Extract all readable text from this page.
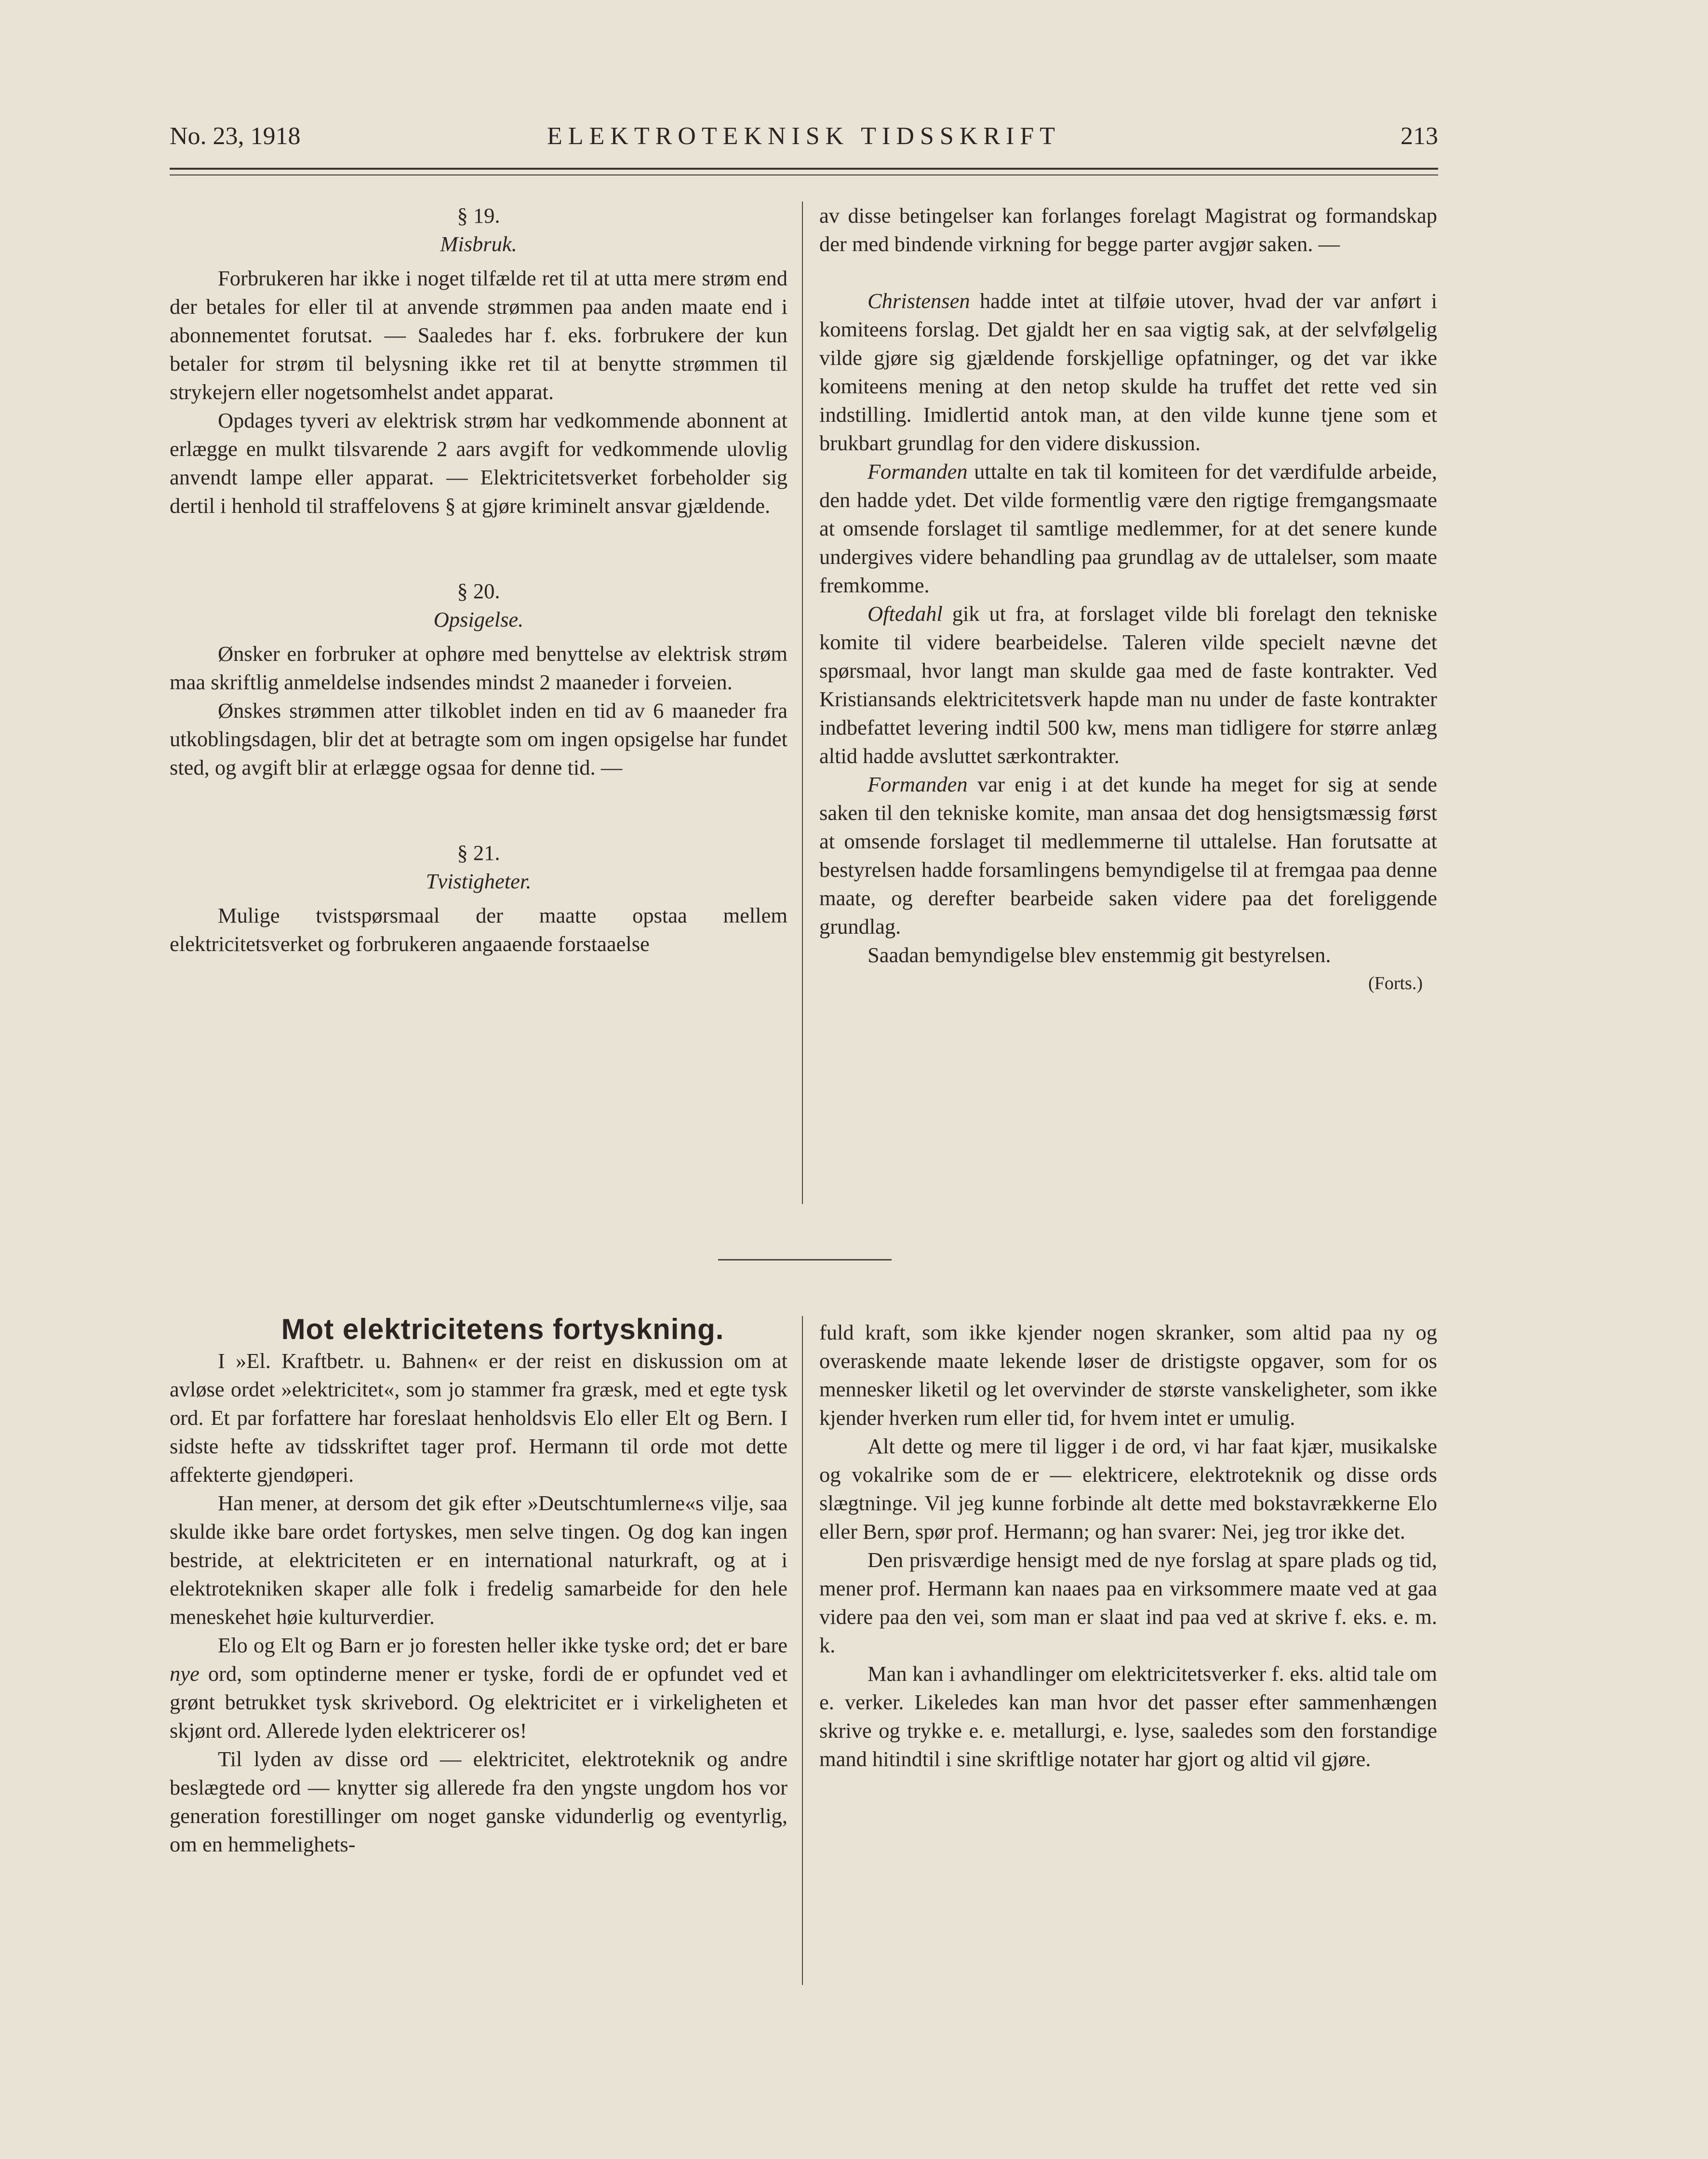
No. 23, 1918	ELEKTROTEKNISK TIDSSKRIFT	213

§ 19.

Misbruk.

Forbrukeren har ikke i noget tilfælde ret til at utta mere strøm end der betales for eller til at anvende strømmen paa anden maate end i abonnementet forutsat. — Saaledes har f. eks. forbrukere der kun betaler for strøm til belysning ikke ret til at benytte strømmen til strykejern eller nogetsomhelst andet apparat.

Opdages tyveri av elektrisk strøm har vedkommende abonnent at erlægge en mulkt tilsvarende 2 aars avgift for vedkommende ulovlig anvendt lampe eller apparat. — Elektricitetsverket forbeholder sig dertil i henhold til straffelovens § at gjøre kriminelt ansvar gjældende.

§ 20.

Opsigelse.

Ønsker en forbruker at ophøre med benyttelse av elektrisk strøm maa skriftlig anmeldelse indsendes mindst 2 maaneder i forveien.

Ønskes strømmen atter tilkoblet inden en tid av 6 maaneder fra utkoblingsdagen, blir det at betragte som om ingen opsigelse har fundet sted, og avgift blir at erlægge ogsaa for denne tid. —

§ 21.

Tvistigheter.

Mulige tvistspørsmaal der maatte opstaa mellem elektricitetsverket og forbrukeren angaaende forstaaelse

av disse betingelser kan forlanges forelagt Magistrat og formandskap der med bindende virkning for begge parter avgjør saken. —

Christensen hadde intet at tilføie utover, hvad der var anført i komiteens forslag. Det gjaldt her en saa vigtig sak, at der selvfølgelig vilde gjøre sig gjældende forskjellige opfatninger, og det var ikke komiteens mening at den netop skulde ha truffet det rette ved sin indstilling. Imidlertid antok man, at den vilde kunne tjene som et brukbart grundlag for den videre diskussion.

Formanden uttalte en tak til komiteen for det værdifulde arbeide, den hadde ydet. Det vilde formentlig være den rigtige fremgangsmaate at omsende forslaget til samtlige medlemmer, for at det senere kunde undergives videre behandling paa grundlag av de uttalelser, som maate fremkomme.

Oftedahl gik ut fra, at forslaget vilde bli forelagt den tekniske komite til videre bearbeidelse. Taleren vilde specielt nævne det spørsmaal, hvor langt man skulde gaa med de faste kontrakter. Ved Kristiansands elektricitetsverk hapde man nu under de faste kontrakter indbefattet levering indtil 500 kw, mens man tidligere for større anlæg altid hadde avsluttet særkontrakter.

Formanden var enig i at det kunde ha meget for sig at sende saken til den tekniske komite, man ansaa det dog hensigtsmæssig først at omsende forslaget til medlemmerne til uttalelse. Han forutsatte at bestyrelsen hadde forsamlingens bemyndigelse til at fremgaa paa denne maate, og derefter bearbeide saken videre paa det foreliggende grundlag.

Saadan bemyndigelse blev enstemmig git bestyrelsen.
(Forts.)

Mot elektricitetens fortyskning.

I »El. Kraftbetr. u. Bahnen« er der reist en diskussion om at avløse ordet »elektricitet«, som jo stammer fra græsk, med et egte tysk ord. Et par forfattere har foreslaat henholdsvis Elo eller Elt og Bern. I sidste hefte av tidsskriftet tager prof. Hermann til orde mot dette affekterte gjendøperi.

Han mener, at dersom det gik efter »Deutschtumlerne«s vilje, saa skulde ikke bare ordet fortyskes, men selve tingen. Og dog kan ingen bestride, at elektriciteten er en international naturkraft, og at i elektrotekniken skaper alle folk i fredelig samarbeide for den hele meneskehet høie kulturverdier.

Elo og Elt og Barn er jo foresten heller ikke tyske ord; det er bare nye ord, som optinderne mener er tyske, fordi de er opfundet ved et grønt betrukket tysk skrivebord. Og elektricitet er i virkeligheten et skjønt ord. Allerede lyden elektricerer os!

Til lyden av disse ord — elektricitet, elektroteknik og andre beslægtede ord — knytter sig allerede fra den yngste ungdom hos vor generation forestillinger om noget ganske vidunderlig og eventyrlig, om en hemmelighets-

fuld kraft, som ikke kjender nogen skranker, som altid paa ny og overaskende maate lekende løser de dristigste opgaver, som for os mennesker liketil og let overvinder de største vanskeligheter, som ikke kjender hverken rum eller tid, for hvem intet er umulig.

Alt dette og mere til ligger i de ord, vi har faat kjær, musikalske og vokalrike som de er — elektricere, elektroteknik og disse ords slægtninge. Vil jeg kunne forbinde alt dette med bokstavrækkerne Elo eller Bern, spør prof. Hermann; og han svarer: Nei, jeg tror ikke det.

Den prisværdige hensigt med de nye forslag at spare plads og tid, mener prof. Hermann kan naaes paa en virksommere maate ved at gaa videre paa den vei, som man er slaat ind paa ved at skrive f. eks. e. m. k.

Man kan i avhandlinger om elektricitetsverker f. eks. altid tale om e. verker. Likeledes kan man hvor det passer efter sammenhængen skrive og trykke e. e. metallurgi, e. lyse, saaledes som den forstandige mand hitindtil i sine skriftlige notater har gjort og altid vil gjøre.
